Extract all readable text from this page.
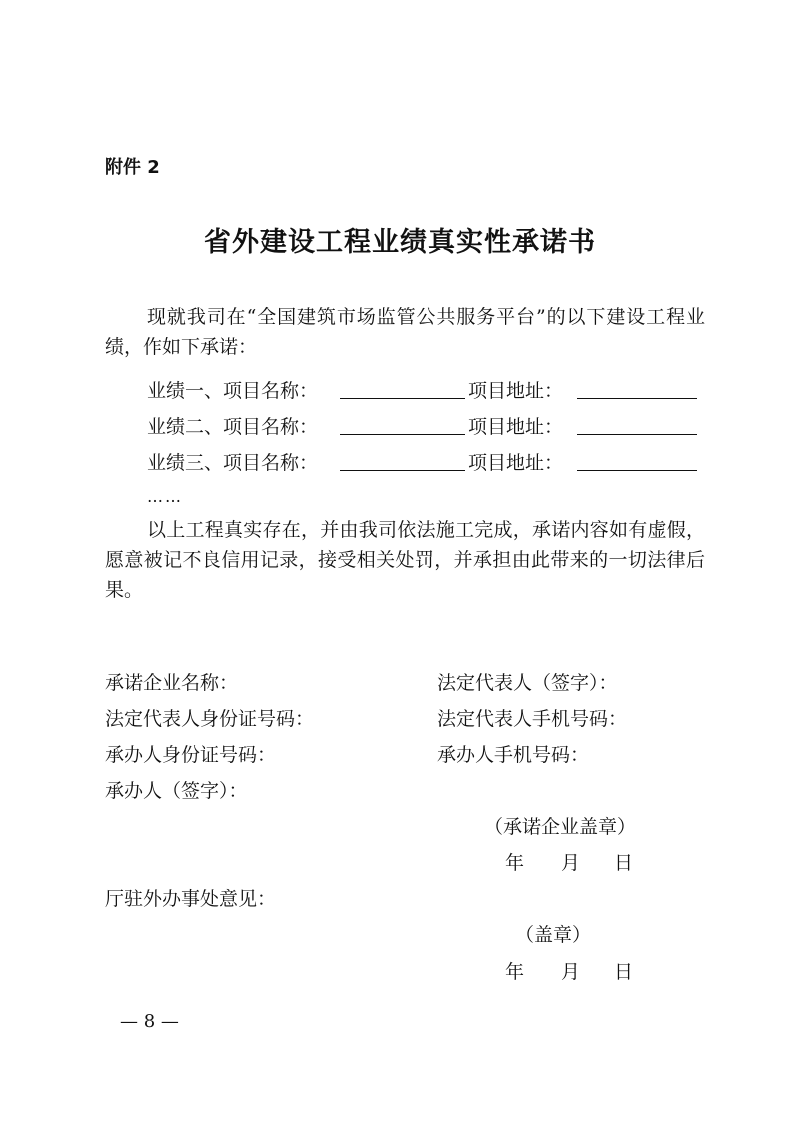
附件 2
省外建设工程业绩真实性承诺书
现就我司在“全国建筑市场监管公共服务平台”的以下建设工程业绩，作如下承诺：
业绩一、项目名称：	项目地址：
业绩二、项目名称：	项目地址：
业绩三、项目名称：	项目地址：
……
以上工程真实存在，并由我司依法施工完成，承诺内容如有虚假，愿意被记不良信用记录，接受相关处罚，并承担由此带来的一切法律后果。
承诺企业名称：	法定代表人（签字）：
法定代表人身份证号码：	法定代表人手机号码：
承办人身份证号码：	承办人手机号码：
承办人（签字）：
（承诺企业盖章）
年 月 日
厅驻外办事处意见：
（盖章）
年 月 日
— 8 —
